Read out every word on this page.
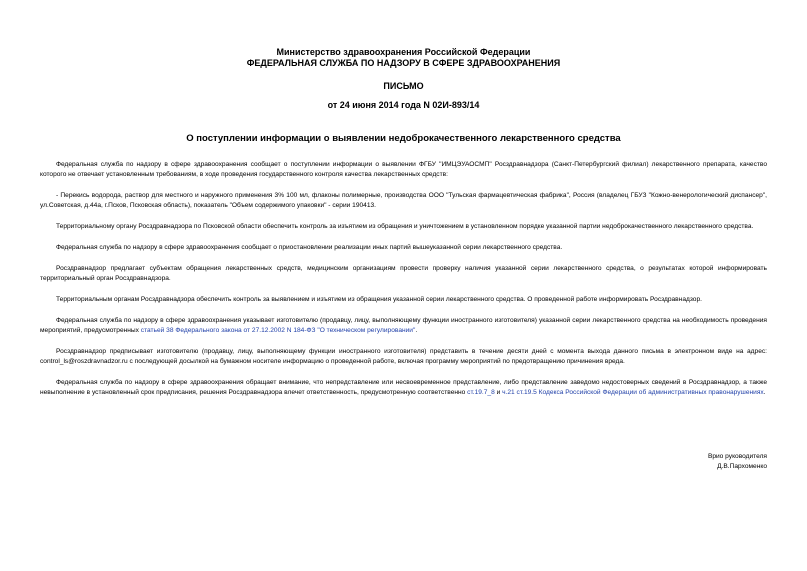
Министерство здравоохранения Российской Федерации
ФЕДЕРАЛЬНАЯ СЛУЖБА ПО НАДЗОРУ В СФЕРЕ ЗДРАВООХРАНЕНИЯ
ПИСЬМО
от 24 июня 2014 года N 02И-893/14
О поступлении информации о выявлении недоброкачественного лекарственного средства

Федеральная служба по надзору в сфере здравоохранения сообщает о поступлении информации о выявлении ФГБУ "ИМЦЭУАОСМП" Росздравнадзора (Санкт-Петербургский филиал) лекарственного препарата, качество которого не отвечает установленным требованиям, в ходе проведения государственного контроля качества лекарственных средств:

- Перекись водорода, раствор для местного и наружного применения 3% 100 мл, флаконы полимерные, производства ООО "Тульская фармацевтическая фабрика", Россия (владелец ГБУЗ "Кожно-венерологический диспансер", ул.Советская, д.44а, г.Псков, Псковская область), показатель "Объем содержимого упаковки" - серии 190413.

Территориальному органу Росздравнадзора по Псковской области обеспечить контроль за изъятием из обращения и уничтожением в установленном порядке указанной партии недоброкачественного лекарственного средства.

Федеральная служба по надзору в сфере здравоохранения сообщает о приостановлении реализации иных партий вышеуказанной серии лекарственного средства.

Росздравнадзор предлагает субъектам обращения лекарственных средств, медицинским организациям провести проверку наличия указанной серии лекарственного средства, о результатах которой информировать территориальный орган Росздравнадзора.

Территориальным органам Росздравнадзора обеспечить контроль за выявлением и изъятием из обращения указанной серии лекарственного средства. О проведенной работе информировать Росздравнадзор.

Федеральная служба по надзору в сфере здравоохранения указывает изготовителю (продавцу, лицу, выполняющему функции иностранного изготовителя) указанной серии лекарственного средства на необходимость проведения мероприятий, предусмотренных статьей 38 Федерального закона от 27.12.2002 N 184-ФЗ "О техническом регулировании".

Росздравнадзор предписывает изготовителю (продавцу, лицу, выполняющему функции иностранного изготовителя) представить в течение десяти дней с момента выхода данного письма в электронном виде на адрес: control_ls@roszdravnadzor.ru с последующей досылкой на бумажном носителе информацию о проведенной работе, включая программу мероприятий по предотвращению причинения вреда.

Федеральная служба по надзору в сфере здравоохранения обращает внимание, что непредставление или несвоевременное представление, либо представление заведомо недостоверных сведений в Росздравнадзор, а также невыполнение в установленный срок предписания, решения Росздравнадзора влечет ответственность, предусмотренную соответственно ст.19.7_8 и ч.21 ст.19.5 Кодекса Российской Федерации об административных правонарушениях.

Врио руководителя
Д.В.Пархоменко
